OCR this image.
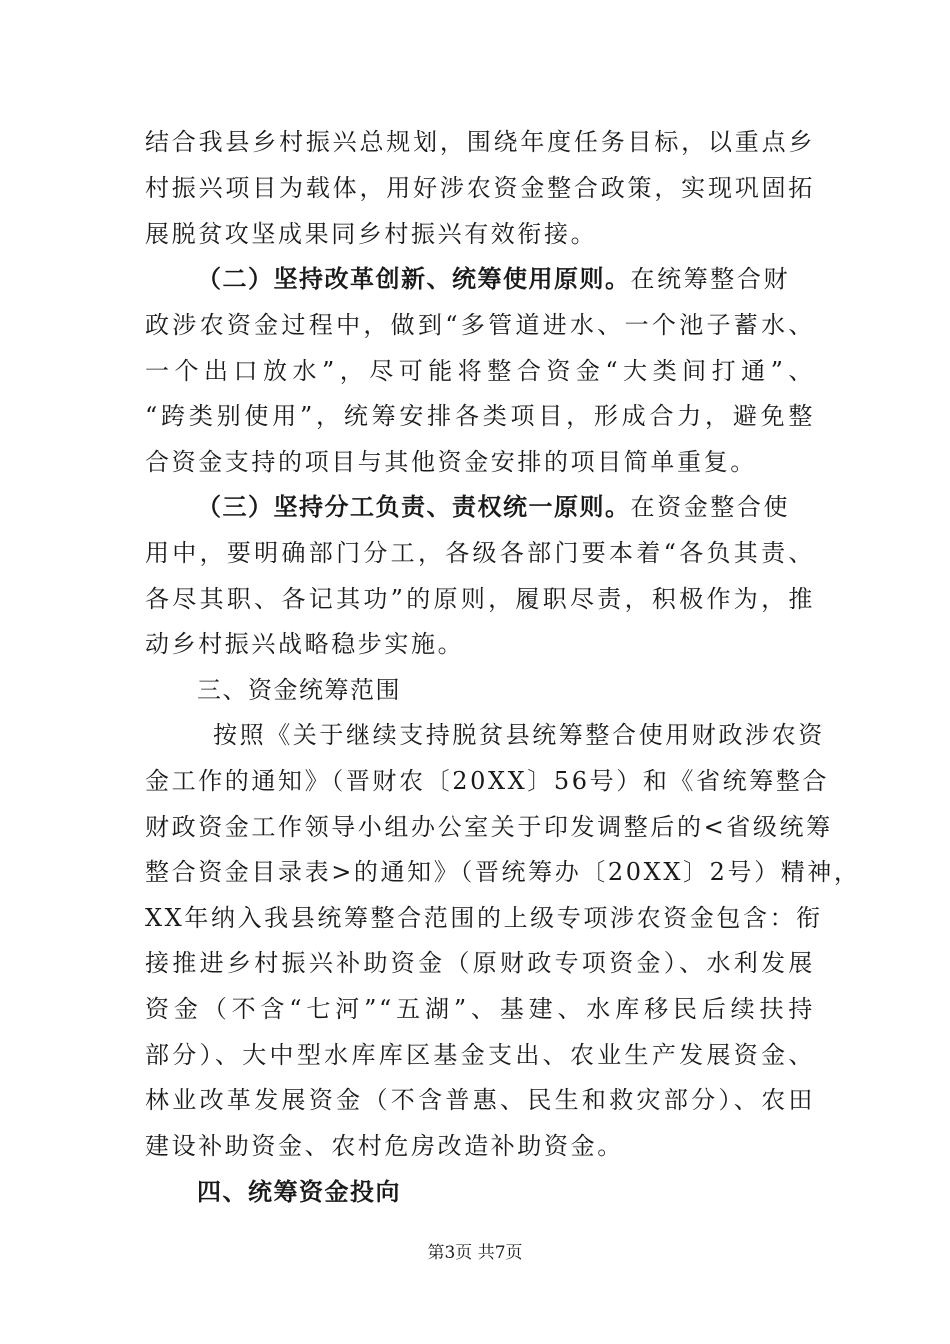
结合我县乡村振兴总规划，围绕年度任务目标，以重点乡
村振兴项目为载体，用好涉农资金整合政策，实现巩固拓
展脱贫攻坚成果同乡村振兴有效衔接。
（二）坚持改革创新、统筹使用原则。在统筹整合财
政涉农资金过程中，做到“多管道进水、一个池子蓄水、
一个出口放水”，尽可能将整合资金“大类间打通”、
“跨类别使用”，统筹安排各类项目，形成合力，避免整
合资金支持的项目与其他资金安排的项目简单重复。
（三）坚持分工负责、责权统一原则。在资金整合使
用中，要明确部门分工，各级各部门要本着“各负其责、
各尽其职、各记其功”的原则，履职尽责，积极作为，推
动乡村振兴战略稳步实施。
三、资金统筹范围
按照《关于继续支持脱贫县统筹整合使用财政涉农资
金工作的通知》（晋财农〔20XX〕56号）和《省统筹整合
财政资金工作领导小组办公室关于印发调整后的<省级统筹
整合资金目录表>的通知》（晋统筹办〔20XX〕2号）精神，
XX年纳入我县统筹整合范围的上级专项涉农资金包含：衔
接推进乡村振兴补助资金（原财政专项资金）、水利发展
资金（不含“七河”“五湖”、基建、水库移民后续扶持
部分）、大中型水库库区基金支出、农业生产发展资金、
林业改革发展资金（不含普惠、民生和救灾部分）、农田
建设补助资金、农村危房改造补助资金。
四、统筹资金投向
第3页 共7页
